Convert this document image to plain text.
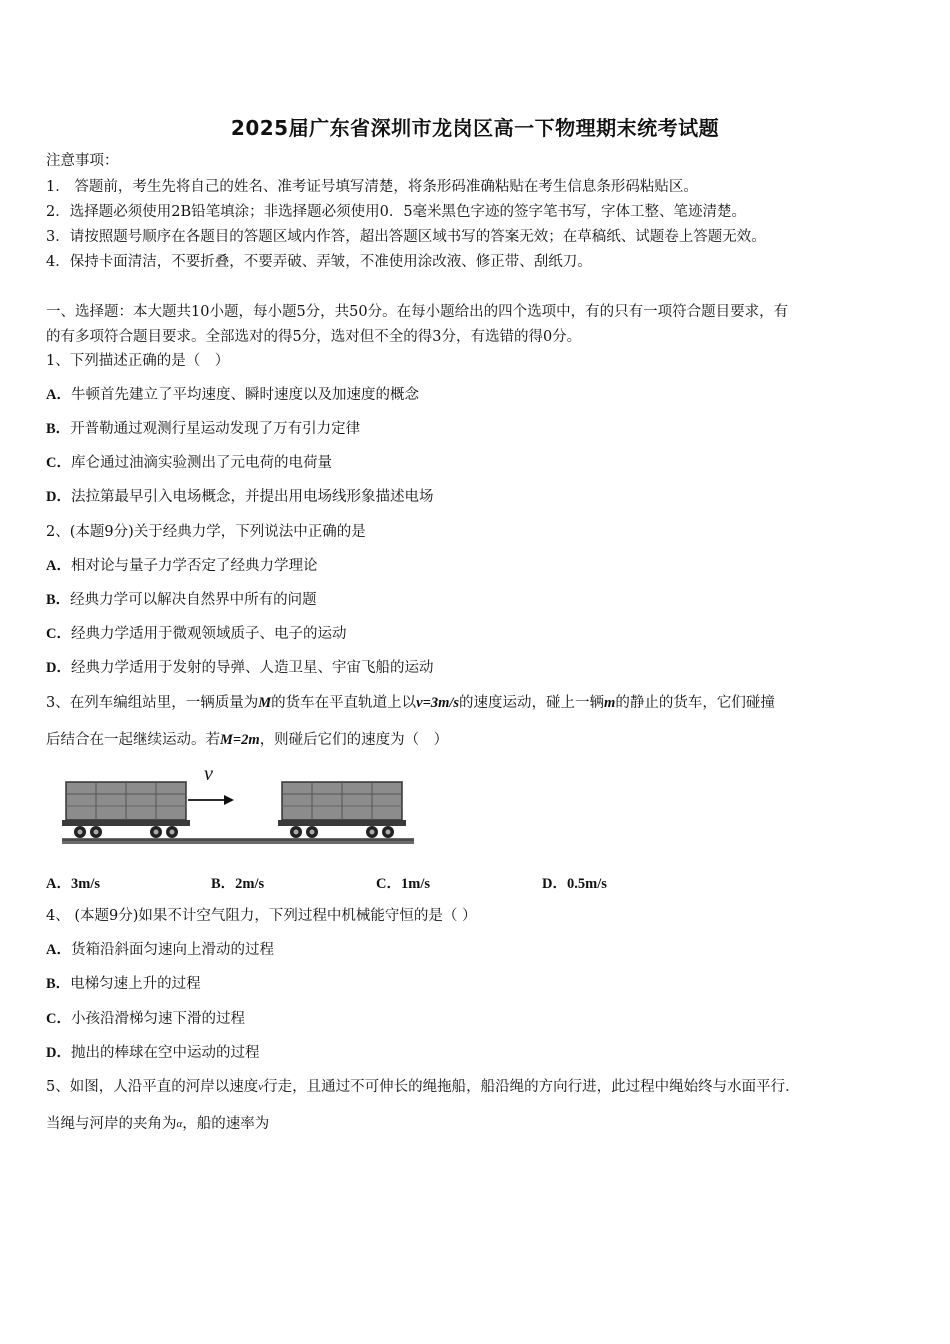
2025届广东省深圳市龙岗区高一下物理期末统考试题
注意事项：
1． 答题前，考生先将自己的姓名、准考证号填写清楚，将条形码准确粘贴在考生信息条形码粘贴区。
2．选择题必须使用2B铅笔填涂；非选择题必须使用0．5毫米黑色字迹的签字笔书写，字体工整、笔迹清楚。
3．请按照题号顺序在各题目的答题区域内作答，超出答题区域书写的答案无效；在草稿纸、试题卷上答题无效。
4．保持卡面清洁，不要折叠，不要弄破、弄皱，不准使用涂改液、修正带、刮纸刀。
一、选择题：本大题共10小题，每小题5分，共50分。在每小题给出的四个选项中，有的只有一项符合题目要求，有
的有多项符合题目要求。全部选对的得5分，选对但不全的得3分，有选错的得0分。
1、下列描述正确的是（　）
A．牛顿首先建立了平均速度、瞬时速度以及加速度的概念
B．开普勒通过观测行星运动发现了万有引力定律
C．库仑通过油滴实验测出了元电荷的电荷量
D．法拉第最早引入电场概念，并提出用电场线形象描述电场
2、(本题9分)关于经典力学，下列说法中正确的是
A．相对论与量子力学否定了经典力学理论
B．经典力学可以解决自然界中所有的问题
C．经典力学适用于微观领域质子、电子的运动
D．经典力学适用于发射的导弹、人造卫星、宇宙飞船的运动
3、在列车编组站里，一辆质量为M的货车在平直轨道上以v=3m/s的速度运动，碰上一辆m的静止的货车，它们碰撞
后结合在一起继续运动。若M=2m，则碰后它们的速度为（　）
v
A．3m/s	B．2m/s	C．1m/s	D．0.5m/s
4、 (本题9分)如果不计空气阻力，下列过程中机械能守恒的是（ ）
A．货箱沿斜面匀速向上滑动的过程
B．电梯匀速上升的过程
C．小孩沿滑梯匀速下滑的过程
D．抛出的棒球在空中运动的过程
5、如图，人沿平直的河岸以速度$^v$行走，且通过不可伸长的绳拖船，船沿绳的方向行进，此过程中绳始终与水面平行．
当绳与河岸的夹角为$^\alpha$，船的速率为
